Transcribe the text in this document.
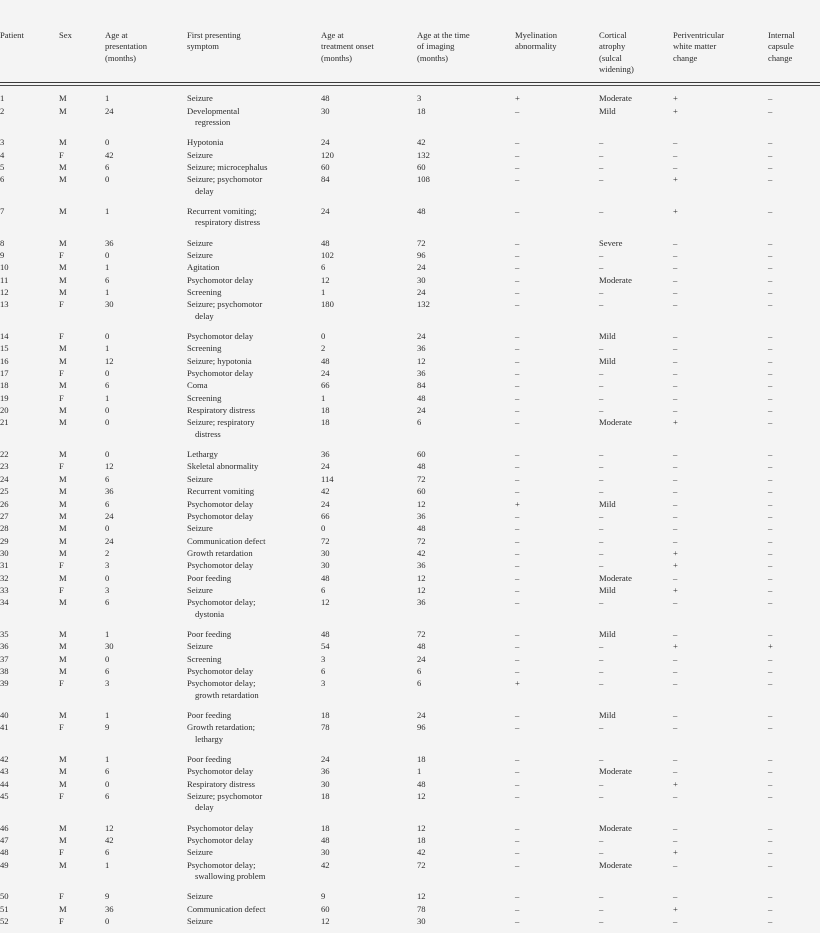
Patient	Sex	Age at
presentation
(months)	First presenting
symptom	Age at
treatment onset
(months)	Age at the time
of imaging
(months)	Myelination
abnormality	Cortical
atrophy
(sulcal
widening)	Periventricular
white matter
change	Internal
capsule
change

1	M	1	Seizure	48	3	+	Moderate	+	–
2	M	24	Developmental
regression	30	18	–	Mild	+	–

3	M	0	Hypotonia	24	42	–	–	–	–
4	F	42	Seizure	120	132	–	–	–	–
5	M	6	Seizure; microcephalus	60	60	–	–	–	–
6	M	0	Seizure; psychomotor
delay	84	108	–	–	+	–

7	M	1	Recurrent vomiting;
respiratory distress	24	48	–	–	+	–

8	M	36	Seizure	48	72	–	Severe	–	–
9	F	0	Seizure	102	96	–	–	–	–
10	M	1	Agitation	6	24	–	–	–	–
11	M	6	Psychomotor delay	12	30	–	Moderate	–	–
12	M	1	Screening	1	24	–	–	–	–
13	F	30	Seizure; psychomotor
delay	180	132	–	–	–	–

14	F	0	Psychomotor delay	0	24	–	Mild	–	–
15	M	1	Screening	2	36	–	–	–	–
16	M	12	Seizure; hypotonia	48	12	–	Mild	–	–
17	F	0	Psychomotor delay	24	36	–	–	–	–
18	M	6	Coma	66	84	–	–	–	–
19	F	1	Screening	1	48	–	–	–	–
20	M	0	Respiratory distress	18	24	–	–	–	–
21	M	0	Seizure; respiratory
distress	18	6	–	Moderate	+	–

22	M	0	Lethargy	36	60	–	–	–	–
23	F	12	Skeletal abnormality	24	48	–	–	–	–
24	M	6	Seizure	114	72	–	–	–	–
25	M	36	Recurrent vomiting	42	60	–	–	–	–
26	M	6	Psychomotor delay	24	12	+	Mild	–	–
27	M	24	Psychomotor delay	66	36	–	–	–	–
28	M	0	Seizure	0	48	–	–	–	–
29	M	24	Communication defect	72	72	–	–	–	–
30	M	2	Growth retardation	30	42	–	–	+	–
31	F	3	Psychomotor delay	30	36	–	–	+	–
32	M	0	Poor feeding	48	12	–	Moderate	–	–
33	F	3	Seizure	6	12	–	Mild	+	–
34	M	6	Psychomotor delay;
dystonia	12	36	–	–	–	–

35	M	1	Poor feeding	48	72	–	Mild	–	–
36	M	30	Seizure	54	48	–	–	+	+
37	M	0	Screening	3	24	–	–	–	–
38	M	6	Psychomotor delay	6	6	–	–	–	–
39	F	3	Psychomotor delay;
growth retardation	3	6	+	–	–	–

40	M	1	Poor feeding	18	24	–	Mild	–	–
41	F	9	Growth retardation;
lethargy	78	96	–	–	–	–

42	M	1	Poor feeding	24	18	–	–	–	–
43	M	6	Psychomotor delay	36	1	–	Moderate	–	–
44	M	0	Respiratory distress	30	48	–	–	+	–
45	F	6	Seizure; psychomotor
delay	18	12	–	–	–	–

46	M	12	Psychomotor delay	18	12	–	Moderate	–	–
47	M	42	Psychomotor delay	48	18	–	–	–	–
48	F	6	Seizure	30	42	–	–	+	–
49	M	1	Psychomotor delay;
swallowing problem	42	72	–	Moderate	–	–

50	F	9	Seizure	9	12	–	–	–	–
51	M	36	Communication defect	60	78	–	–	+	–
52	F	0	Seizure	12	30	–	–	–	–
